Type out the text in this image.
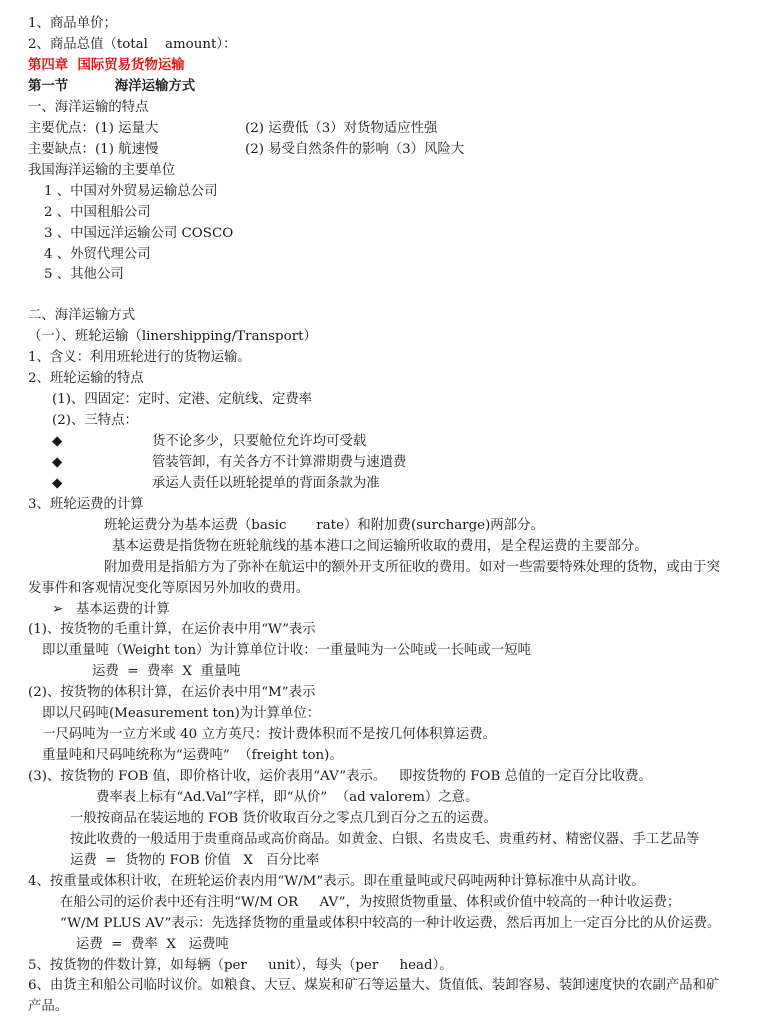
1、商品单价；
2、商品总值（total    amount）：
第四章  国际贸易货物运输
第一节          海洋运输方式
一、海洋运输的特点
主要优点：(1) 运量大	(2) 运费低（3）对货物适应性强
主要缺点：(1) 航速慢	(2) 易受自然条件的影响（3）风险大
我国海洋运输的主要单位
1 、中国对外贸易运输总公司
2 、中国租船公司
3 、中国远洋运输公司 COSCO
4 、外贸代理公司
5 、其他公司
二、海洋运输方式
（一）、班轮运输（linershipping/Transport）
1、含义：利用班轮进行的货物运输。
2、班轮运输的特点
(1)、四固定：定时、定港、定航线、定费率
(2)、三特点：
◆	货不论多少，只要舱位允许均可受载
◆	管装管卸，有关各方不计算滞期费与速遣费
◆	承运人责任以班轮提单的背面条款为准
3、班轮运费的计算
班轮运费分为基本运费（basic       rate）和附加费(surcharge)两部分。
基本运费是指货物在班轮航线的基本港口之间运输所收取的费用，是全程运费的主要部分。
附加费用是指船方为了弥补在航运中的额外开支所征收的费用。如对一些需要特殊处理的货物，或由于突
发事件和客观情况变化等原因另外加收的费用。
➢   基本运费的计算
(1)、按货物的毛重计算，在运价表中用“W”表示
即以重量吨（Weight ton）为计算单位计收：一重量吨为一公吨或一长吨或一短吨
运费  =  费率  X  重量吨
(2)、按货物的体积计算，在运价表中用“M”表示
即以尺码吨(Measurement ton)为计算单位：
一尺码吨为一立方米或 40 立方英尺：按计费体积而不是按几何体积算运费。
重量吨和尺码吨统称为“运费吨”  （freight ton)。
(3)、按货物的 FOB 值，即价格计收，运价表用“AV”表示。   即按货物的 FOB 总值的一定百分比收费。
费率表上标有“Ad.Val”字样，即“从价”  （ad valorem）之意。
一般按商品在装运地的 FOB 货价收取百分之零点几到百分之五的运费。
按此收费的一般适用于贵重商品或高价商品。如黄金、白银、名贵皮毛、贵重药材、精密仪器、手工艺品等
运费  =  货物的 FOB 价值   X   百分比率
4、按重量或体积计收，在班轮运价表内用“W/M”表示。即在重量吨或尺码吨两种计算标准中从高计收。
在船公司的运价表中还有注明“W/M OR     AV”，为按照货物重量、体积或价值中较高的一种计收运费；
“W/M PLUS AV”表示：先选择货物的重量或体积中较高的一种计收运费，然后再加上一定百分比的从价运费。
运费  =  费率  X   运费吨
5、按货物的件数计算，如每辆（per     unit），每头（per     head）。
6、由货主和船公司临时议价。如粮食、大豆、煤炭和矿石等运量大、货值低、装卸容易、装卸速度快的农副产品和矿
产品。
